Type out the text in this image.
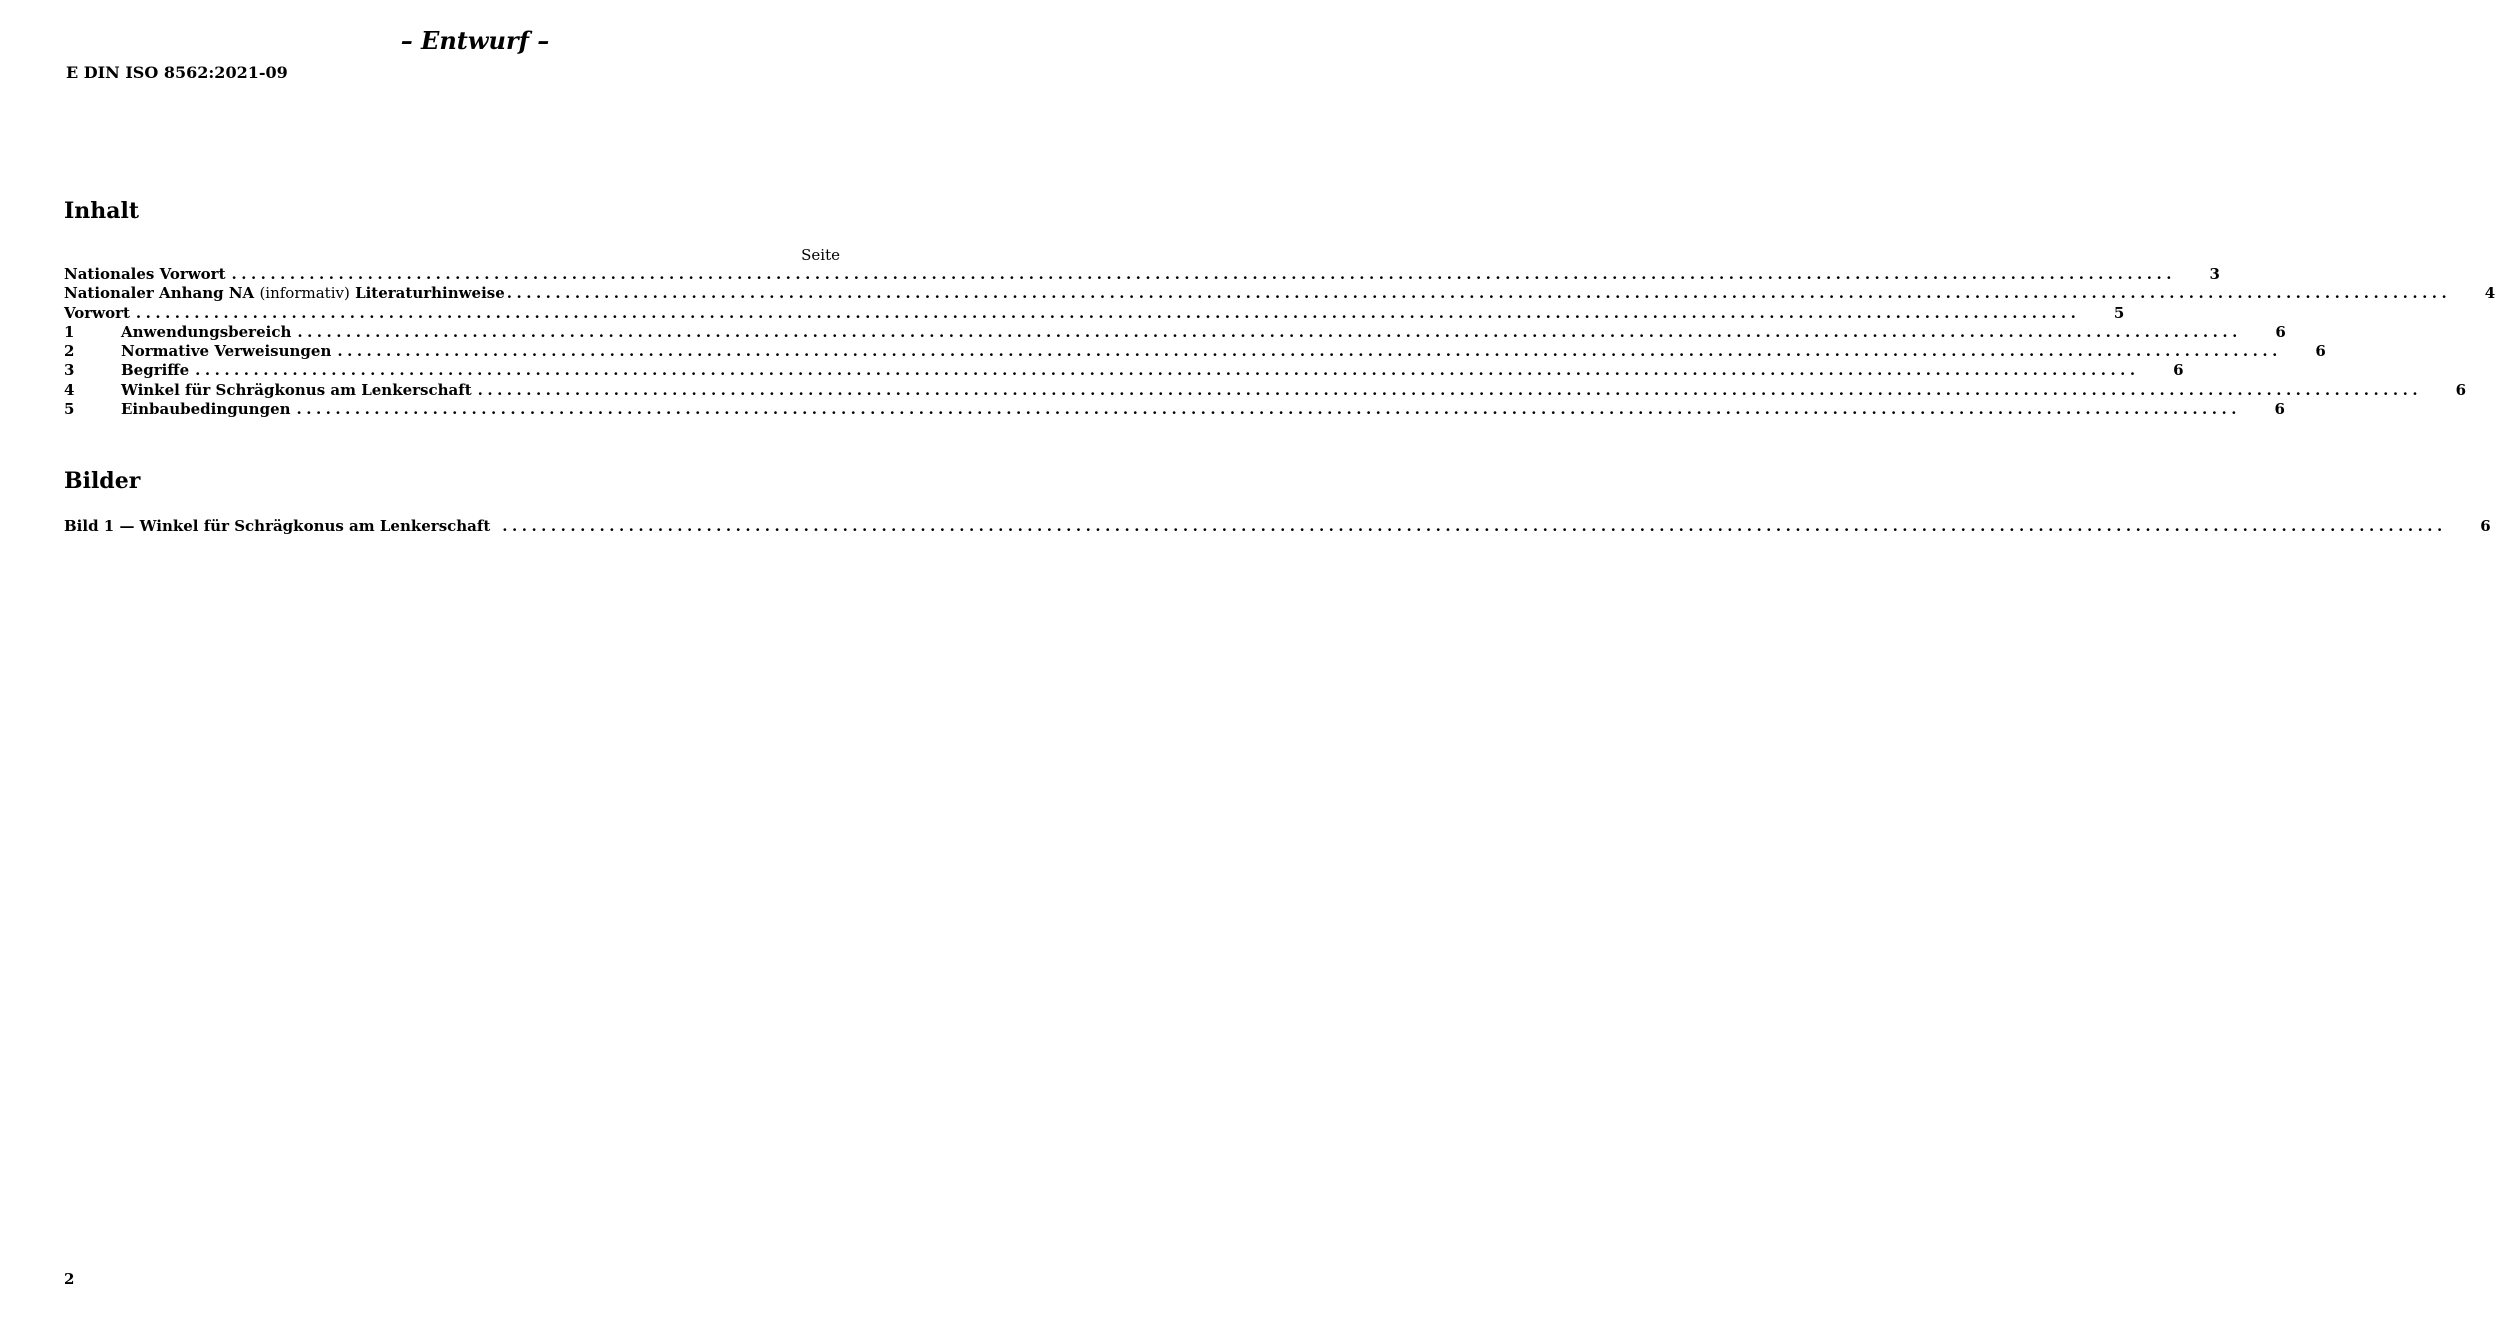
– Entwurf –
E DIN ISO 8562:2021-09
Inhalt
Seite
Nationales Vorwort ........................................................................................................................................................................................................ 3
Nationaler Anhang NA (informativ) Literaturhinweise ........................................................................................................................................................................................................ 4
Vorwort ........................................................................................................................................................................................................ 5
1	Anwendungsbereich ........................................................................................................................................................................................................ 6
2	Normative Verweisungen ........................................................................................................................................................................................................ 6
3	Begriffe ........................................................................................................................................................................................................ 6
4	Winkel für Schrägkonus am Lenkerschaft ........................................................................................................................................................................................................ 6
5	Einbaubedingungen ........................................................................................................................................................................................................ 6
Bilder
Bild 1 — Winkel für Schrägkonus am Lenkerschaft ........................................................................................................................................................................................................ 6
2
